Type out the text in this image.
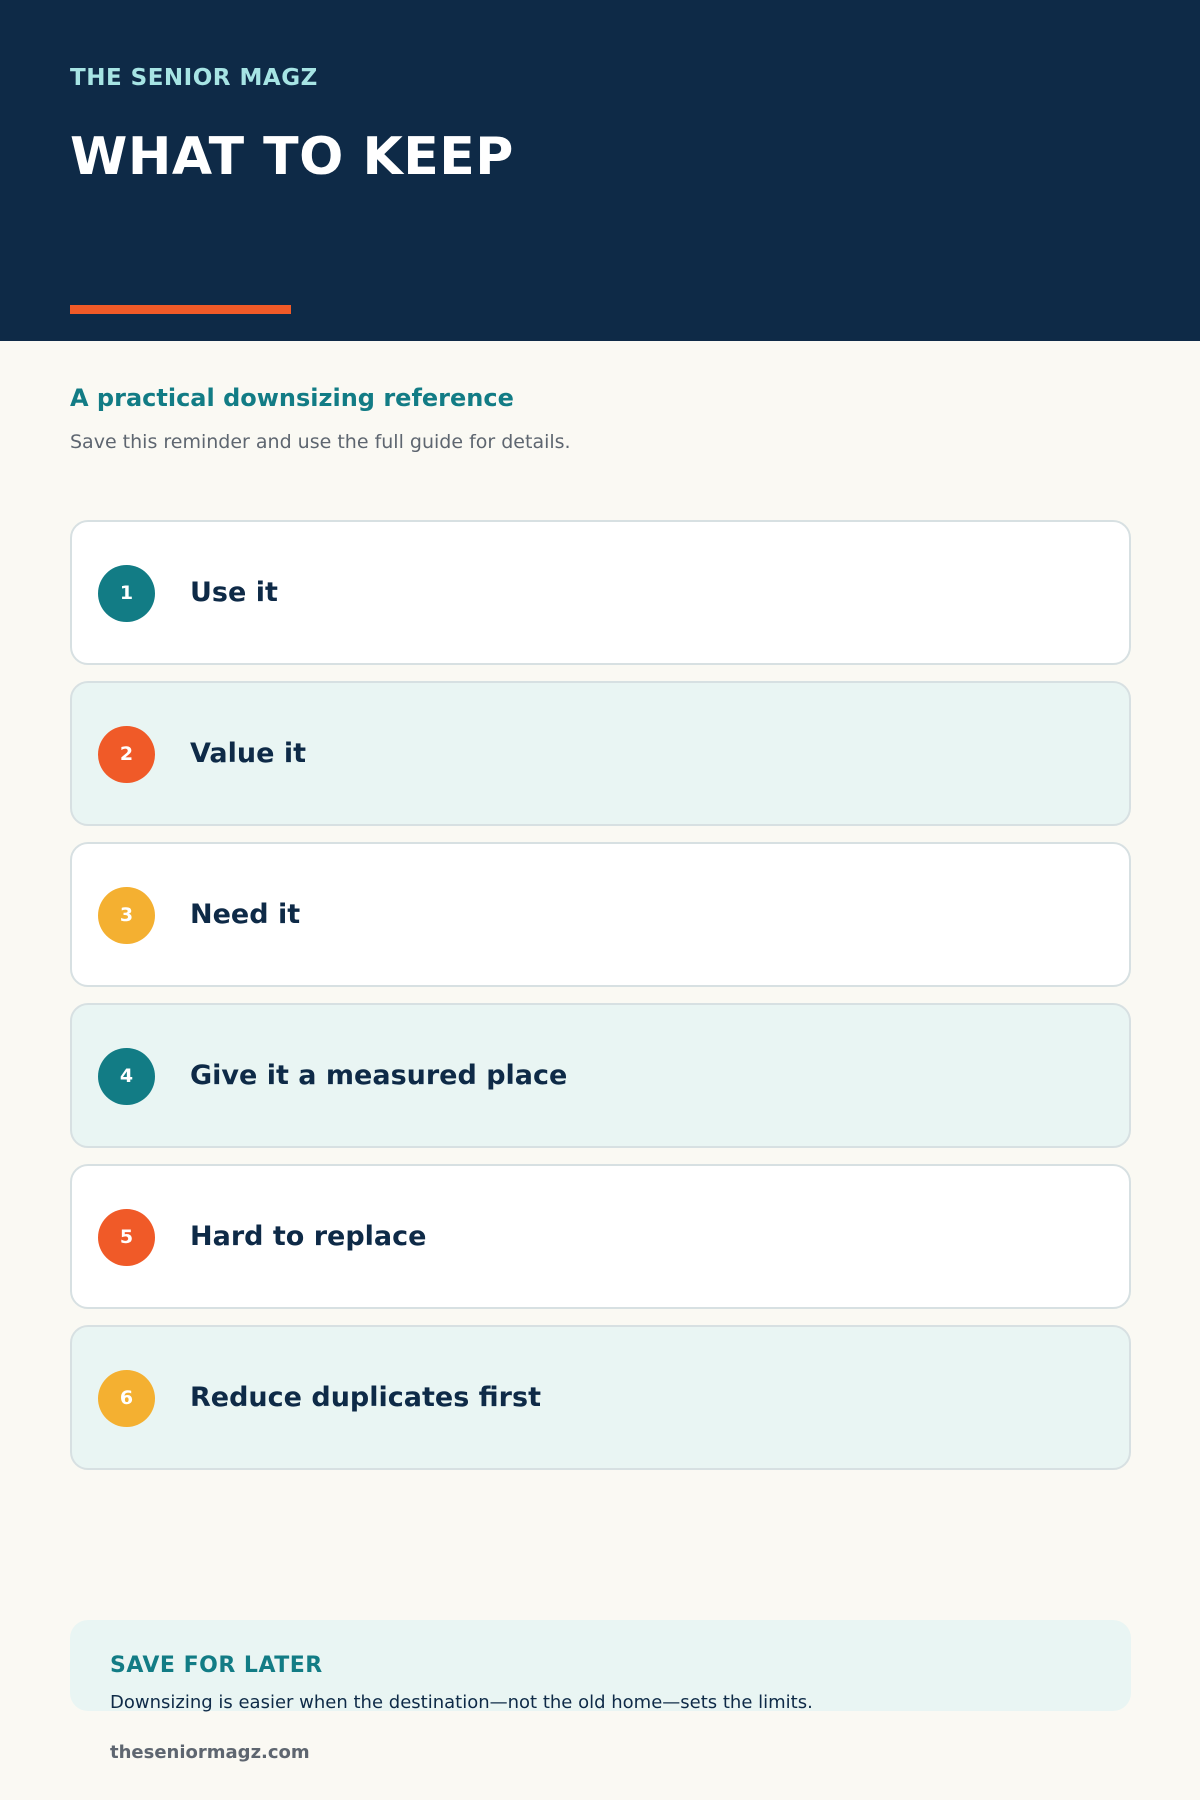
THE SENIOR MAGZ
WHAT TO KEEP
A practical downsizing reference
Save this reminder and use the full guide for details.
1	Use it
2	Value it
3	Need it
4	Give it a measured place
5	Hard to replace
6	Reduce duplicates first
SAVE FOR LATER
Downsizing is easier when the destination—not the old home—sets the limits.
theseniormagz.com
